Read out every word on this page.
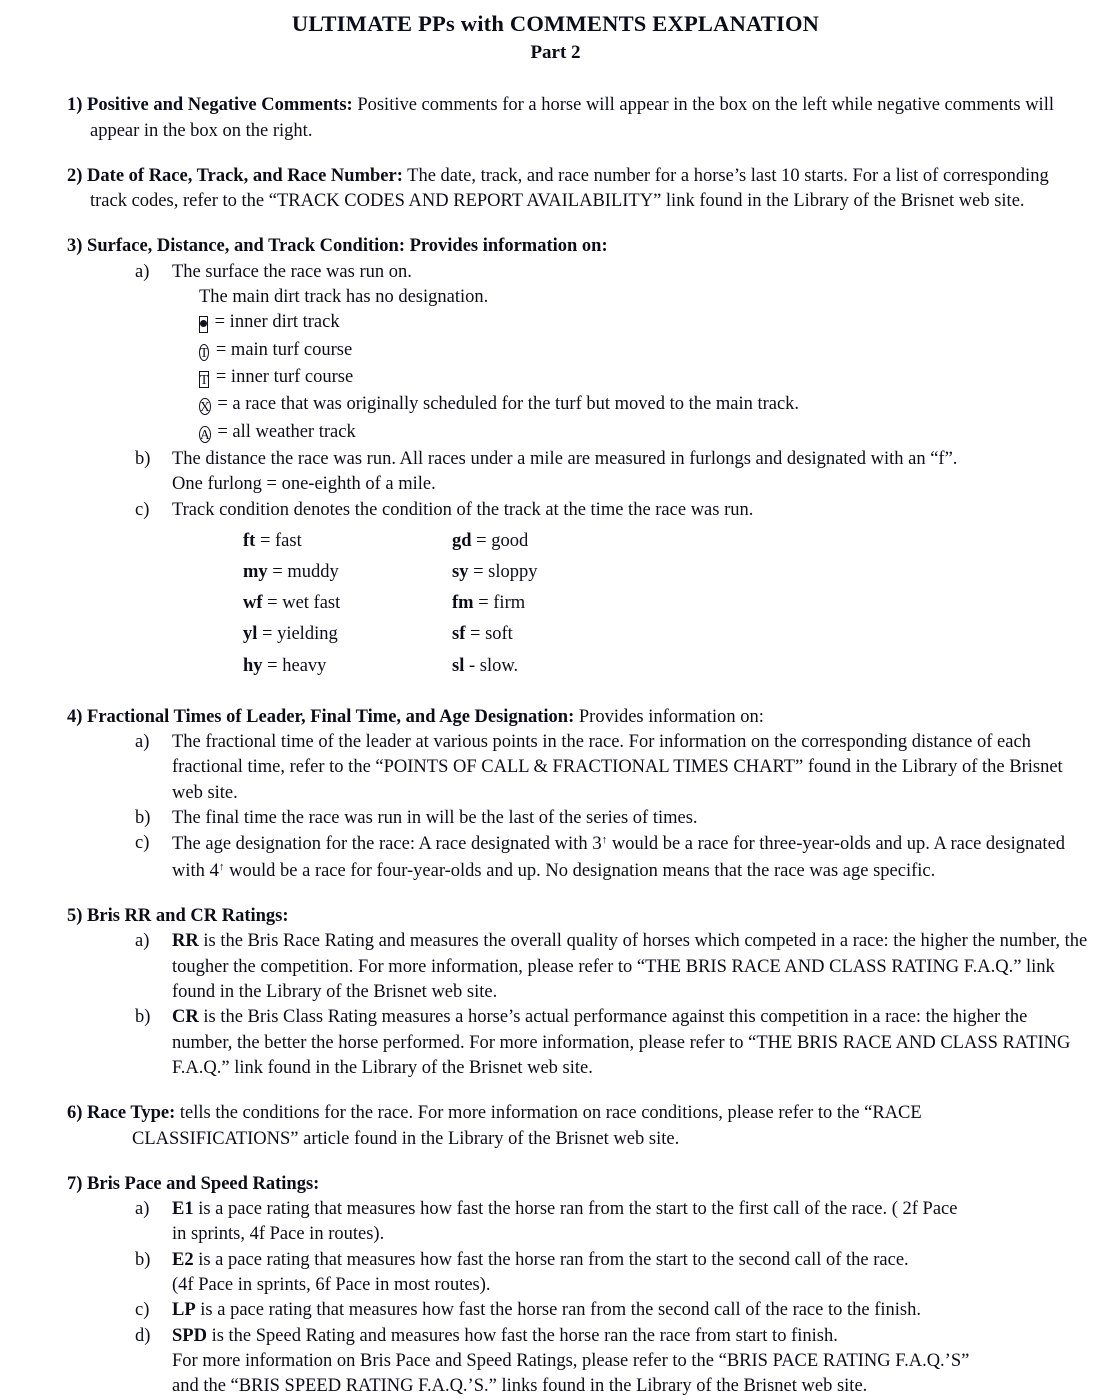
ULTIMATE PPs with COMMENTS EXPLANATION
Part 2
1) Positive and Negative Comments: Positive comments for a horse will appear in the box on the left while negative comments will appear in the box on the right.
2) Date of Race, Track, and Race Number: The date, track, and race number for a horse’s last 10 starts. For a list of corresponding track codes, refer to the “TRACK CODES AND REPORT AVAILABILITY” link found in the Library of the Brisnet web site.
3) Surface, Distance, and Track Condition: Provides information on:
a) The surface the race was run on.
The main dirt track has no designation.
= inner dirt track
T = main turf course
T = inner turf course
X = a race that was originally scheduled for the turf but moved to the main track.
A = all weather track
b) The distance the race was run. All races under a mile are measured in furlongs and designated with an “f”.
One furlong = one-eighth of a mile.
c) Track condition denotes the condition of the track at the time the race was run.
ft = fast	gd = good
my = muddy	sy = sloppy
wf = wet fast	fm = firm
yl = yielding	sf = soft
hy = heavy	sl - slow.
4) Fractional Times of Leader, Final Time, and Age Designation: Provides information on:
a) The fractional time of the leader at various points in the race. For information on the corresponding distance of each fractional time, refer to the “POINTS OF CALL & FRACTIONAL TIMES CHART” found in the Library of the Brisnet web site.
b) The final time the race was run in will be the last of the series of times.
c) The age designation for the race: A race designated with 3↑ would be a race for three-year-olds and up. A race designated with 4↑ would be a race for four-year-olds and up. No designation means that the race was age specific.
5) Bris RR and CR Ratings:
a) RR is the Bris Race Rating and measures the overall quality of horses which competed in a race: the higher the number, the tougher the competition. For more information, please refer to “THE BRIS RACE AND CLASS RATING F.A.Q.” link found in the Library of the Brisnet web site.
b) CR is the Bris Class Rating measures a horse’s actual performance against this competition in a race: the higher the number, the better the horse performed. For more information, please refer to “THE BRIS RACE AND CLASS RATING F.A.Q.” link found in the Library of the Brisnet web site.
6) Race Type: tells the conditions for the race. For more information on race conditions, please refer to the “RACE CLASSIFICATIONS” article found in the Library of the Brisnet web site.
7) Bris Pace and Speed Ratings:
a) E1 is a pace rating that measures how fast the horse ran from the start to the first call of the race. ( 2f Pace
in sprints, 4f Pace in routes).
b) E2 is a pace rating that measures how fast the horse ran from the start to the second call of the race.
(4f Pace in sprints, 6f Pace in most routes).
c) LP is a pace rating that measures how fast the horse ran from the second call of the race to the finish.
d) SPD is the Speed Rating and measures how fast the horse ran the race from start to finish.
For more information on Bris Pace and Speed Ratings, please refer to the “BRIS PACE RATING F.A.Q.’S”
and the “BRIS SPEED RATING F.A.Q.’S.” links found in the Library of the Brisnet web site.
